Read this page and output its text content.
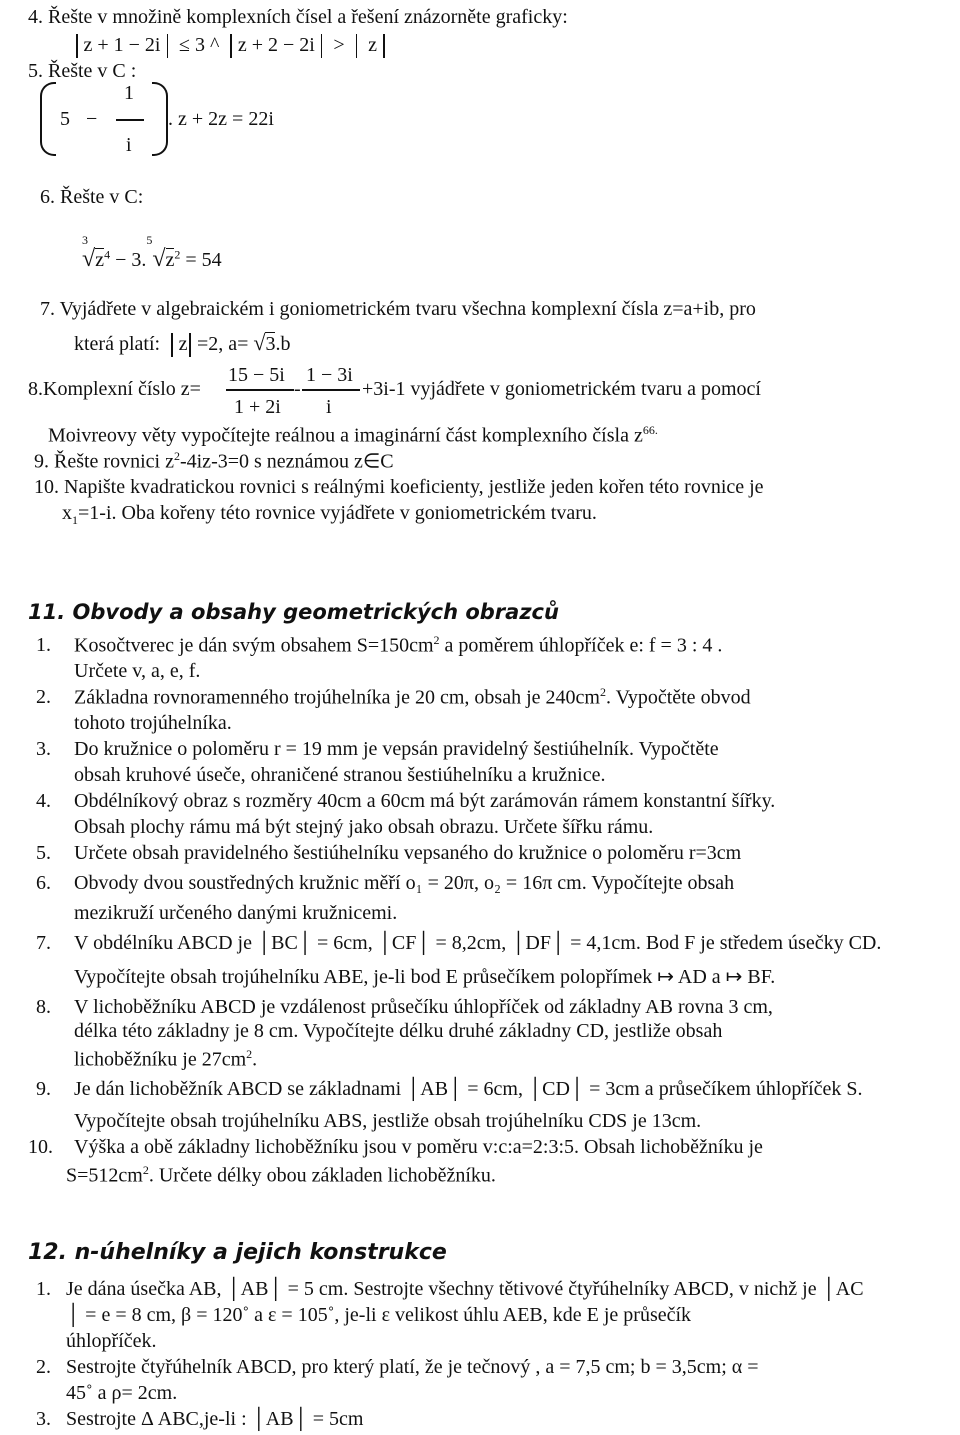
4. Řešte v množině komplexních čísel a řešení znázorněte graficky:
z + 1 − 2i ≤ 3 ^ z + 2 − 2i >  z
5. Řešte v C :
1
5 −
i
. z + 2z = 22i
6. Řešte v C:
$^3√z^4 - 3.^5√z^2 = 54$
7. Vyjádřete v algebraickém i goniometrickém tvaru všechna komplexní čísla z=a+ib, pro
která platí: z =2, a= √3.b
15 − 5i 1 − 3i
8.Komplexní číslo z=	-	+3i-1 vyjádřete v goniometrickém tvaru a pomocí
1 + 2i i
Moivreovy věty vypočítejte reálnou a imaginární část komplexního čísla $z^{66.}$
9. Řešte rovnici $z^2-4iz-3=0$ s neznámou z∈C
10. Napište kvadratickou rovnici s reálnými koeficienty, jestliže jeden kořen této rovnice je
$x_1=1-i$. Oba kořeny této rovnice vyjádřete v goniometrickém tvaru.
11. Obvody a obsahy geometrických obrazců
1. Kosočtverec je dán svým obsahem $S=150cm^2$ a poměrem úhlopříček e: f = 3 : 4 .
Určete v, a, e, f.
2. Základna rovnoramenného trojúhelníka je 20 cm, obsah je $240cm^2$. Vypočtěte obvod
tohoto trojúhelníka.
3. Do kružnice o poloměru r = 19 mm je vepsán pravidelný šestiúhelník. Vypočtěte
obsah kruhové úseče, ohraničené stranou šestiúhelníku a kružnice.
4. Obdélníkový obraz s rozměry 40cm a 60cm má být zarámován rámem konstantní šířky.
Obsah plochy rámu má být stejný jako obsah obrazu. Určete šířku rámu.
5. Určete obsah pravidelného šestiúhelníku vepsaného do kružnice o poloměru r=3cm
6. Obvody dvou soustředných kružnic měří o₁ = 20π, o₂ = 16π cm. Vypočítejte obsah
mezikruží určeného danými kružnicemi.
7. V obdélníku ABCD je │BC│ = 6cm, │CF│ = 8,2cm, │DF│ = 4,1cm. Bod F je středem úsečky CD.
Vypočítejte obsah trojúhelníku ABE, je-li bod E průsečíkem polopřímek ↦ AD a ↦ BF.
8. V lichoběžníku ABCD je vzdálenost průsečíku úhlopříček od základny AB rovna 3 cm,
délka této základny je 8 cm. Vypočítejte délku druhé základny CD, jestliže obsah
lichoběžníku je $27cm^2$.
9. Je dán lichoběžník ABCD se základnami │AB│ = 6cm, │CD│ = 3cm a průsečíkem úhlopříček S.
Vypočítejte obsah trojúhelníku ABS, jestliže obsah trojúhelníku CDS je 13cm.
10. Výška a obě základny lichoběžníku jsou v poměru v:c:a=2:3:5. Obsah lichoběžníku je
$S=512cm^2$. Určete délky obou základen lichoběžníku.
12. n-úhelníky a jejich konstrukce
1. Je dána úsečka AB, │AB│ = 5 cm. Sestrojte všechny tětivové čtyřúhelníky ABCD, v nichž je │AC
│ = e = 8 cm, β = 120˚ a ε = 105˚, je-li ε velikost úhlu AEB, kde E je průsečík
úhlopříček.
2. Sestrojte čtyřúhelník ABCD, pro který platí, že je tečnový , a = 7,5 cm; b = 3,5cm; α =
45˚ a ρ= 2cm.
3. Sestrojte Δ ABC,je-li : │AB│ = 5cm
